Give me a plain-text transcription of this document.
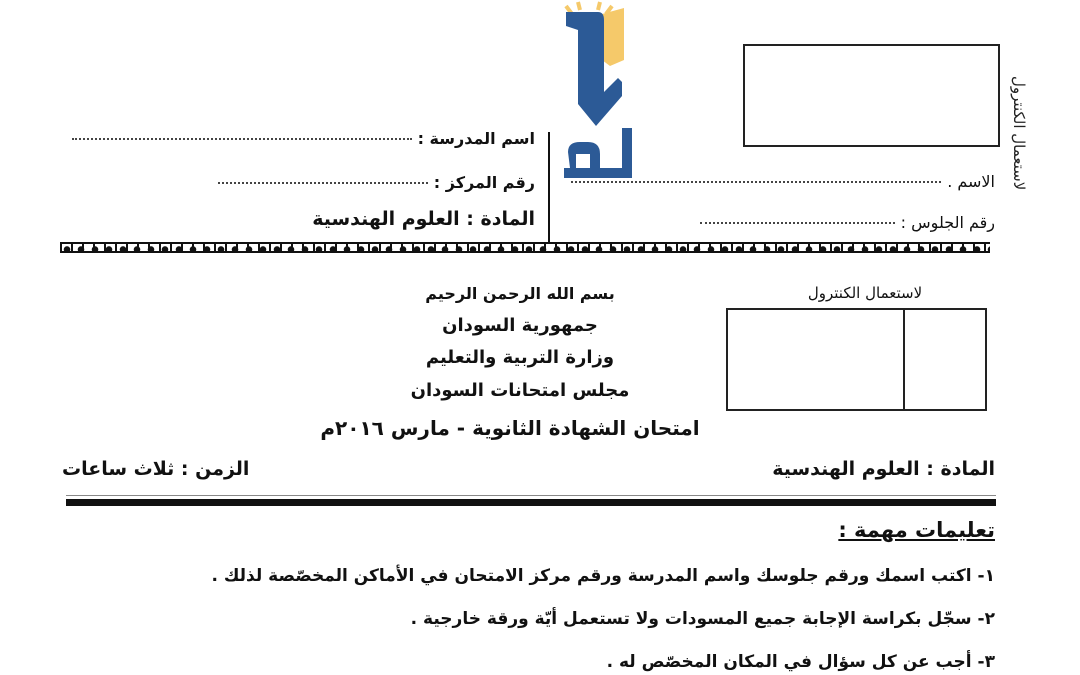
لاستعمال الكنترول
الاسم .
رقم الجلوس :
اسم المدرسة :
رقم المركز :
المادة : العلوم الهندسية
بسم الله الرحمن الرحيم
جمهورية السودان
وزارة التربية والتعليم
مجلس امتحانات السودان
امتحان الشهادة الثانوية - مارس ٢٠١٦م
لاستعمال الكنترول
المادة : العلوم الهندسية
الزمن : ثلاث ساعات
تعليمات مهمة :
١- اكتب اسمك ورقم جلوسك واسم المدرسة ورقم مركز الامتحان في الأماكن المخصّصة لذلك .
٢- سجّل بكراسة الإجابة جميع المسودات ولا تستعمل أيّة ورقة خارجية .
٣- أجب عن كل سؤال في المكان المخصّص له .
